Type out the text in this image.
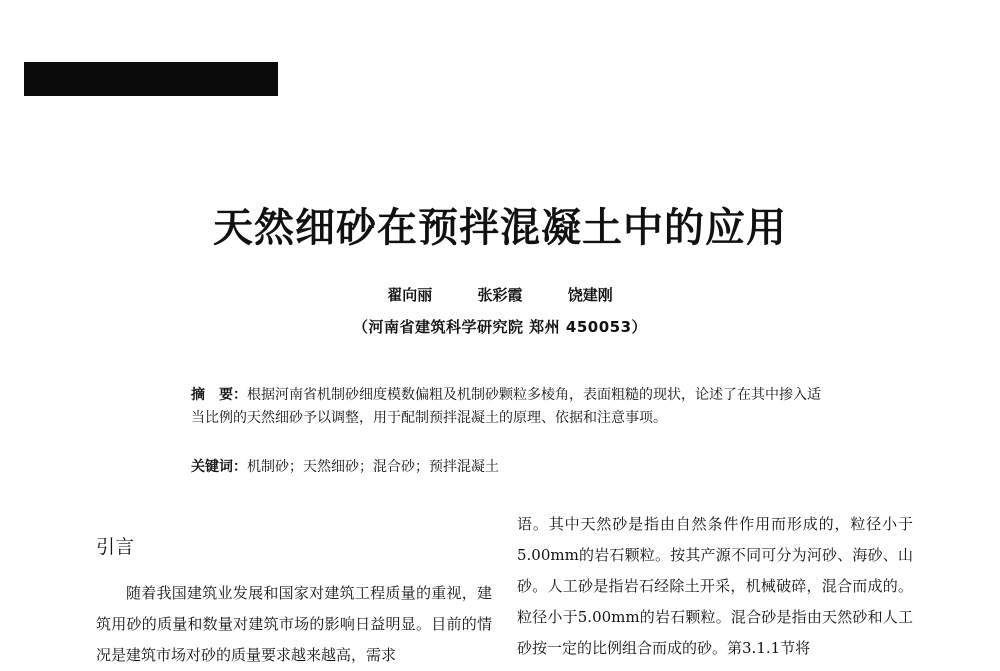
天然细砂在预拌混凝土中的应用
翟向丽	张彩霞	饶建刚
（河南省建筑科学研究院 郑州 450053）
摘　要：根据河南省机制砂细度模数偏粗及机制砂颗粒多棱角，表面粗糙的现状，论述了在其中掺入适当比例的天然细砂予以调整，用于配制预拌混凝土的原理、依据和注意事项。
关键词：机制砂；天然细砂；混合砂；预拌混凝土
引言

随着我国建筑业发展和国家对建筑工程质量的重视，建筑用砂的质量和数量对建筑市场的影响日益明显。目前的情况是建筑市场对砂的质量要求越来越高，需求

语。其中天然砂是指由自然条件作用而形成的，粒径小于5.00mm的岩石颗粒。按其产源不同可分为河砂、海砂、山砂。人工砂是指岩石经除土开采，机械破碎，混合而成的。粒径小于5.00mm的岩石颗粒。混合砂是指由天然砂和人工砂按一定的比例组合而成的砂。第3.1.1节将
